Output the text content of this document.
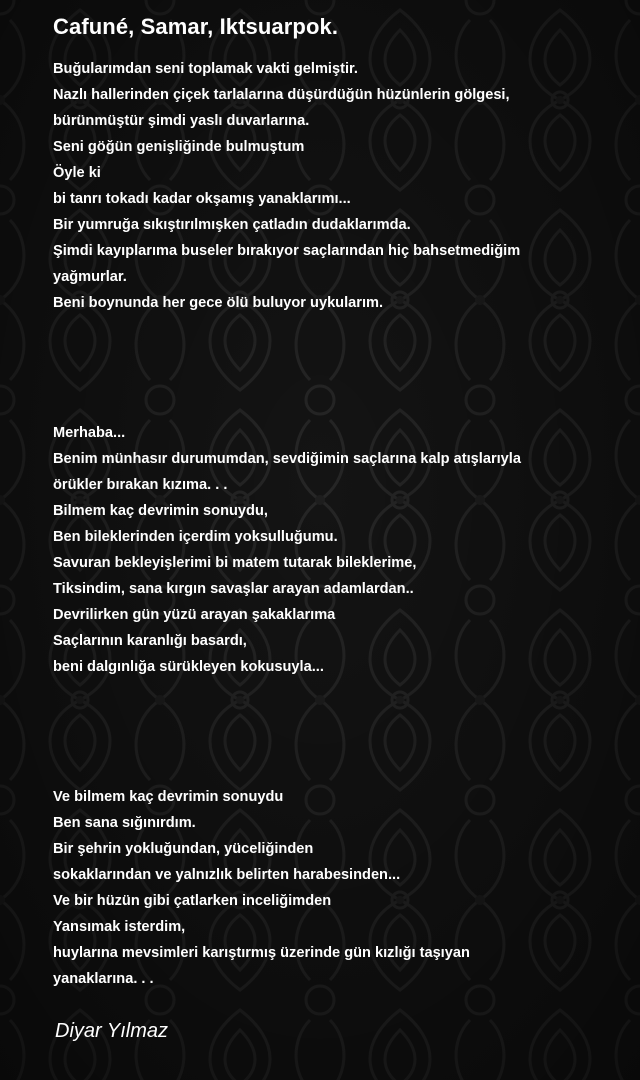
Cafuné, Samar, Iktsuarpok.
Buğularımdan seni toplamak vakti gelmiştir.
Nazlı hallerinden çiçek tarlalarına düşürdüğün hüzünlerin gölgesi,
bürünmüştür şimdi yaslı duvarlarına.
Seni göğün genişliğinde bulmuştum
Öyle ki
bi tanrı tokadı kadar okşamış yanaklarımı...
Bir yumruğa sıkıştırılmışken çatladın dudaklarımda.
Şimdi kayıplarıma buseler bırakıyor saçlarından hiç bahsetmediğim
yağmurlar.
Beni boynunda her gece ölü buluyor uykularım.
Merhaba...
Benim münhasır durumumdan, sevdiğimin saçlarına kalp atışlarıyla
örükler bırakan kızıma. . .
Bilmem kaç devrimin sonuydu,
Ben bileklerinden içerdim yoksulluğumu.
Savuran bekleyişlerimi bi matem tutarak bileklerime,
Tiksindim, sana kırgın savaşlar arayan adamlardan..
Devrilirken gün yüzü arayan şakaklarıma
Saçlarının karanlığı basardı,
beni dalgınlığa sürükleyen kokusuyla...
Ve bilmem kaç devrimin sonuydu
Ben sana sığınırdım.
Bir şehrin yokluğundan, yüceliğinden
sokaklarından ve yalnızlık belirten harabesinden...
Ve bir hüzün gibi çatlarken inceliğimden
Yansımak isterdim,
huylarına mevsimleri karıştırmış üzerinde gün kızlığı taşıyan
yanaklarına. . .
Diyar Yılmaz
